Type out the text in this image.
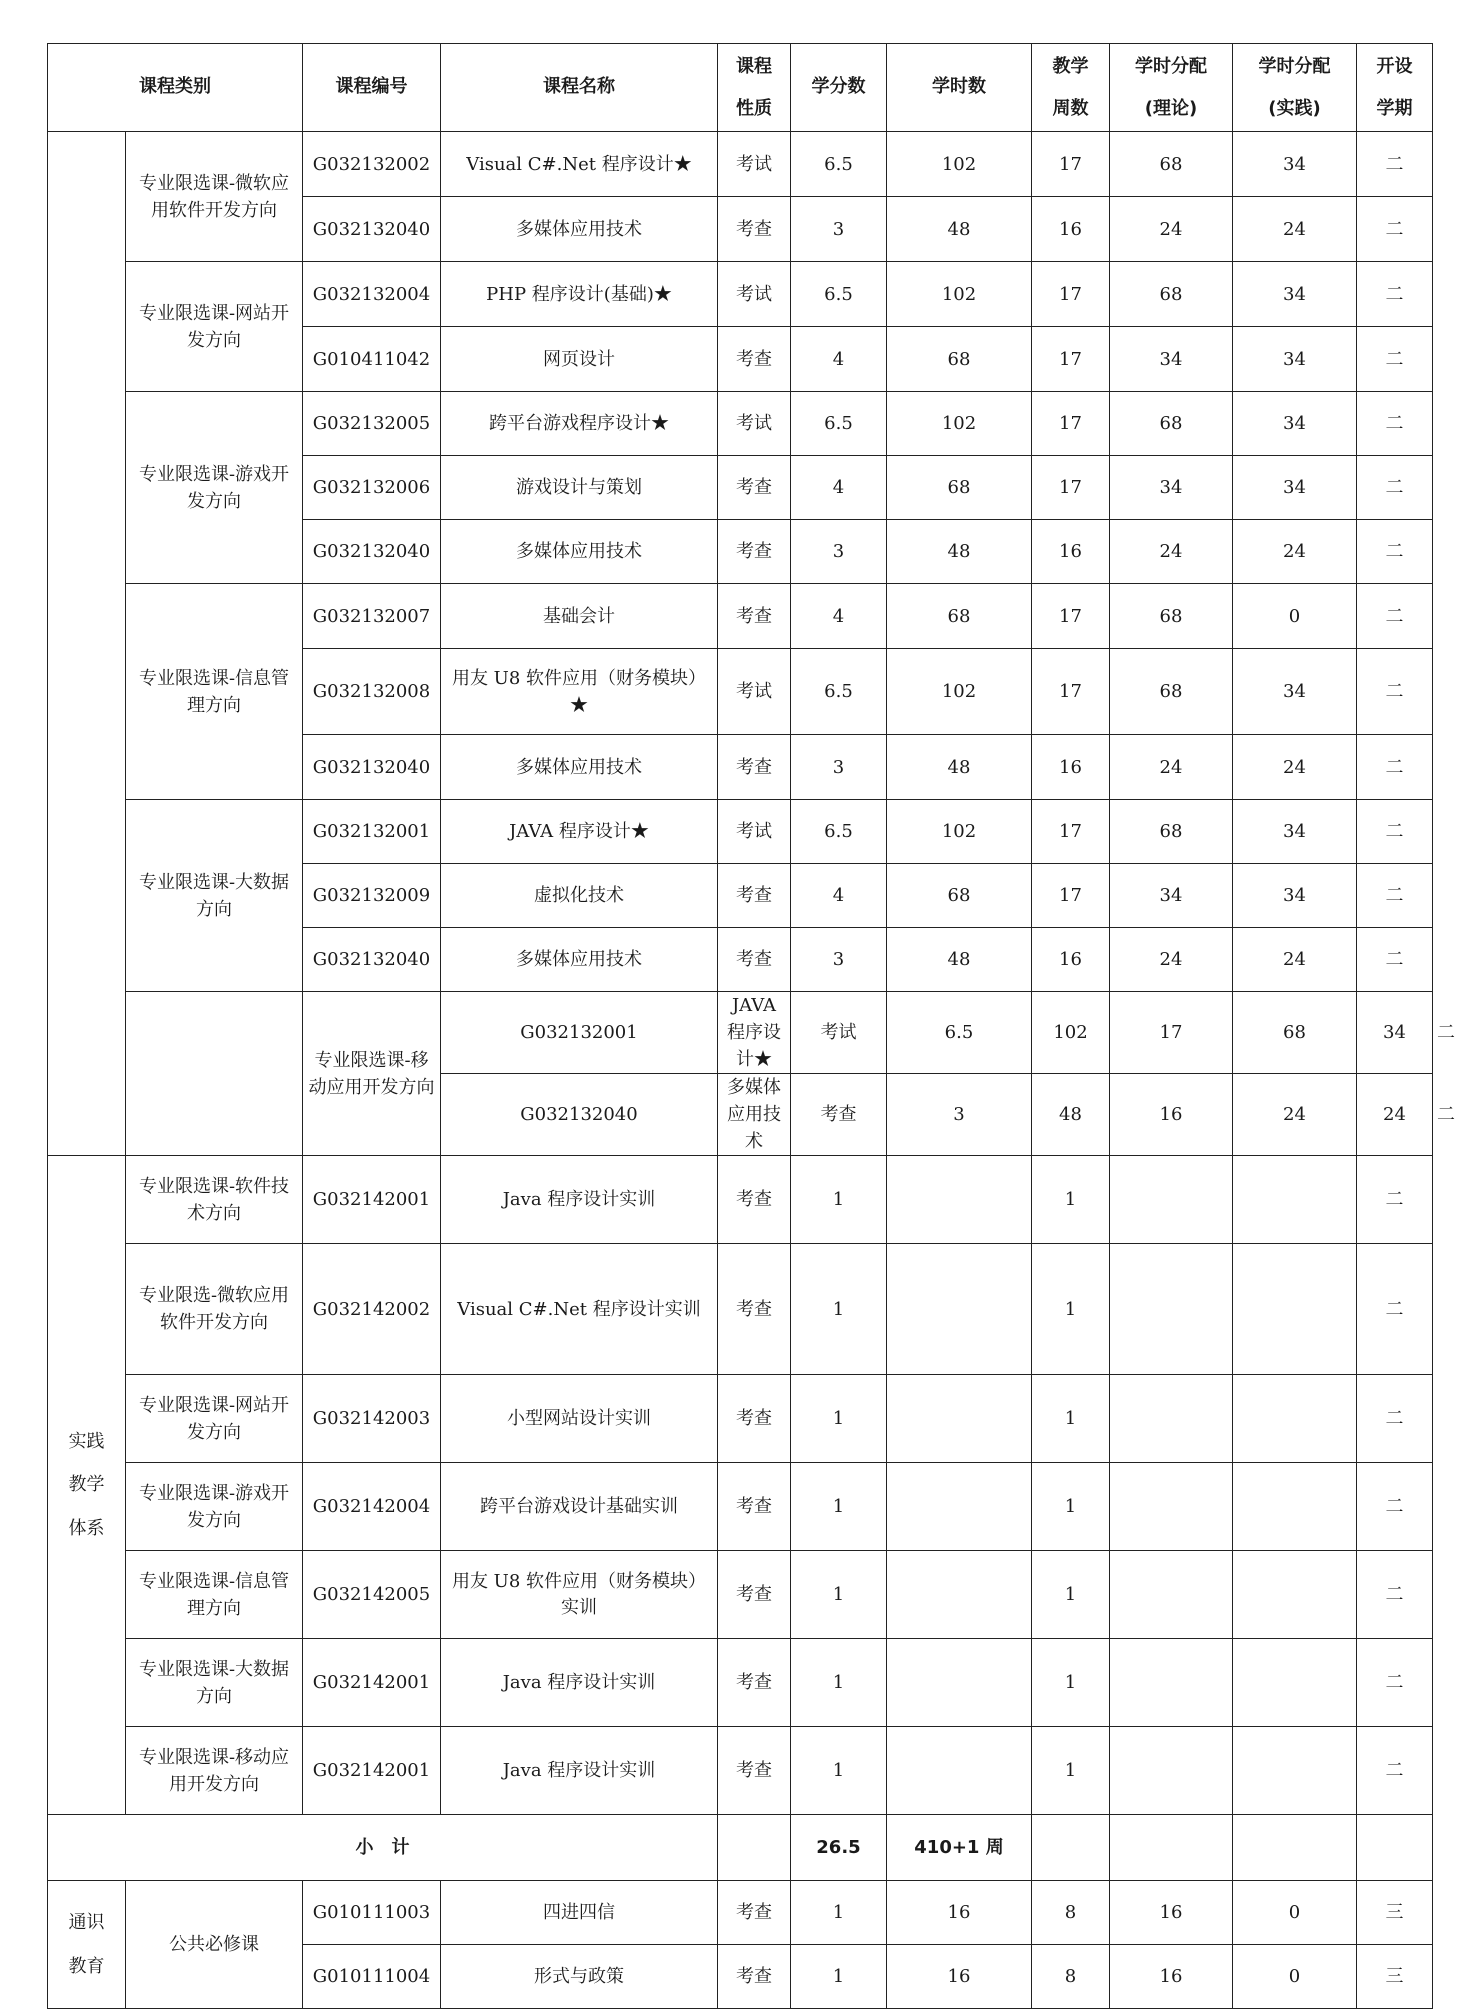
课程类别		课程编号	课程名称	课程性质	学分数	学时数	教学周数	学时分配(理论)	学时分配(实践)	开设学期	

	专业限选课-微软应用软件开发方向	G032132002	Visual C#.Net 程序设计★	考试	6.5	102	17	68	34	二	
		G032132040	多媒体应用技术	考查	3	48	16	24	24	二	
	专业限选课-网站开发方向	G032132004	PHP 程序设计(基础)★	考试	6.5	102	17	68	34	二	
		G010411042	网页设计	考查	4	68	17	34	34	二	
	专业限选课-游戏开发方向	G032132005	跨平台游戏程序设计★	考试	6.5	102	17	68	34	二	
		G032132006	游戏设计与策划	考查	4	68	17	34	34	二	
		G032132040	多媒体应用技术	考查	3	48	16	24	24	二	
	专业限选课-信息管理方向	G032132007	基础会计	考查	4	68	17	68	0	二	
		G032132008	用友 U8 软件应用（财务模块）★	考试	6.5	102	17	68	34	二	
		G032132040	多媒体应用技术	考查	3	48	16	24	24	二	
	专业限选课-大数据方向	G032132001	JAVA 程序设计★	考试	6.5	102	17	68	34	二	
		G032132009	虚拟化技术	考查	4	68	17	34	34	二	
		G032132040	多媒体应用技术	考查	3	48	16	24	24	二	
		专业限选课-移动应用开发方向	G032132001	JAVA 程序设计★	考试	6.5	102	17	68	34	二
			G032132040	多媒体应用技术	考查	3	48	16	24	24	二

实践教学体系	专业限选课-软件技术方向	G032142001	Java 程序设计实训	考查	1		1			二	
	专业限选-微软应用软件开发方向	G032142002	Visual C#.Net 程序设计实训	考查	1		1			二	
	专业限选课-网站开发方向	G032142003	小型网站设计实训	考查	1		1			二	
	专业限选课-游戏开发方向	G032142004	跨平台游戏设计基础实训	考查	1		1			二	
	专业限选课-信息管理方向	G032142005	用友 U8 软件应用（财务模块）实训	考查	1		1			二	
	专业限选课-大数据方向	G032142001	Java 程序设计实训	考查	1		1			二	
	专业限选课-移动应用开发方向	G032142001	Java 程序设计实训	考查	1		1			二	
小　计					26.5	410+1 周					

通识教育	公共必修课	G010111003	四进四信	考查	1	16	8	16	0	三	
		G010111004	形式与政策	考查	1	16	8	16	0	三	
